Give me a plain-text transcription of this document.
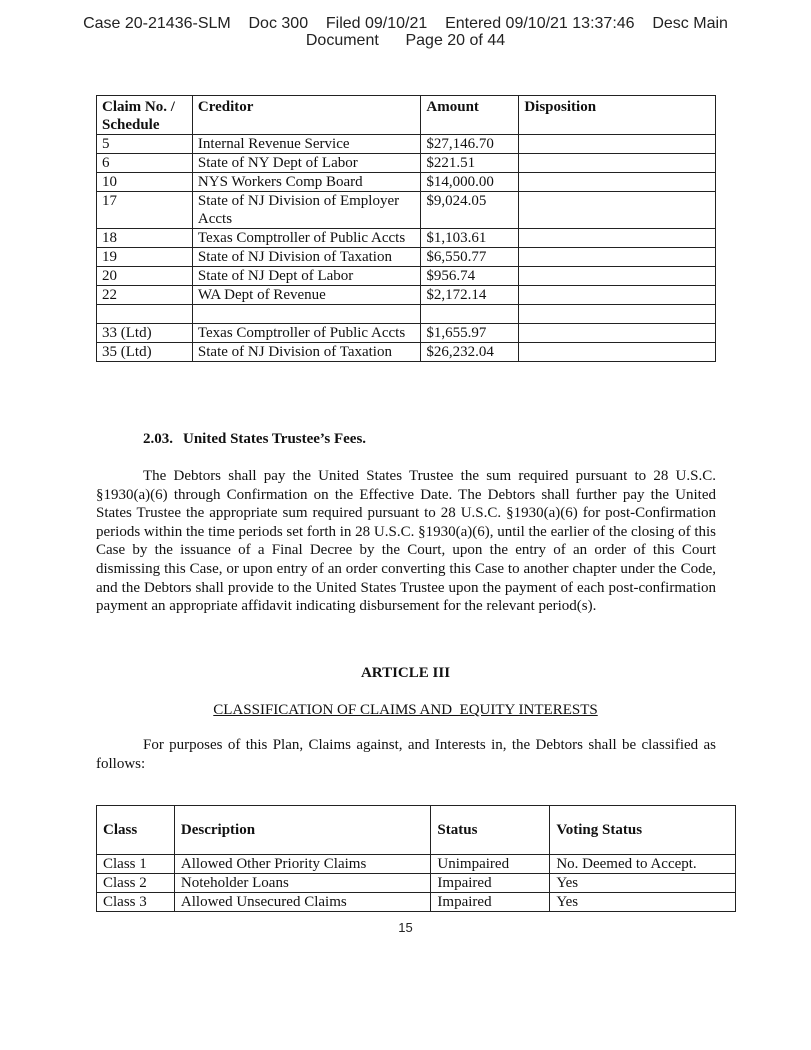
Case 20-21436-SLM    Doc 300    Filed 09/10/21    Entered 09/10/21 13:37:46    Desc Main
Document      Page 20 of 44
Claim No. / Schedule	Creditor	Amount	Disposition
5	Internal Revenue Service	$27,146.70	
6	State of NY Dept of Labor	$221.51	
10	NYS Workers Comp Board	$14,000.00	
17	State of NJ Division of Employer Accts	$9,024.05	
18	Texas Comptroller of Public Accts	$1,103.61	
19	State of NJ Division of Taxation	$6,550.77	
20	State of NJ Dept of Labor	$956.74	
22	WA Dept of Revenue	$2,172.14	

33 (Ltd)	Texas Comptroller of Public Accts	$1,655.97	
35 (Ltd)	State of NJ Division of Taxation	$26,232.04	
2.03. United States Trustee’s Fees.

The Debtors shall pay the United States Trustee the sum required pursuant to 28 U.S.C. §1930(a)(6) through Confirmation on the Effective Date. The Debtors shall further pay the United States Trustee the appropriate sum required pursuant to 28 U.S.C. §1930(a)(6) for post-Confirmation periods within the time periods set forth in 28 U.S.C. §1930(a)(6), until the earlier of the closing of this Case by the issuance of a Final Decree by the Court, upon the entry of an order of this Court dismissing this Case, or upon entry of an order converting this Case to another chapter under the Code, and the Debtors shall provide to the United States Trustee upon the payment of each post-confirmation payment an appropriate affidavit indicating disbursement for the relevant period(s).

ARTICLE III
CLASSIFICATION OF CLAIMS AND  EQUITY INTERESTS

For purposes of this Plan, Claims against, and Interests in, the Debtors shall be classified as follows:

Class	Description	Status	Voting Status
Class 1	Allowed Other Priority Claims	Unimpaired	No. Deemed to Accept.
Class 2	Noteholder Loans	Impaired	Yes
Class 3	Allowed Unsecured Claims	Impaired	Yes
15
